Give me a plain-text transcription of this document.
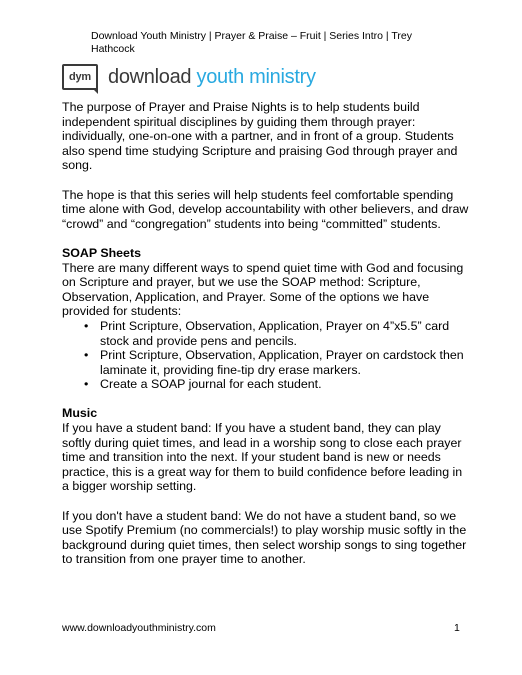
Download Youth Ministry | Prayer & Praise – Fruit | Series Intro | Trey Hathcock
dym download youth ministry

The purpose of Prayer and Praise Nights is to help students build independent spiritual disciplines by guiding them through prayer: individually, one-on-one with a partner, and in front of a group. Students also spend time studying Scripture and praising God through prayer and song.

The hope is that this series will help students feel comfortable spending time alone with God, develop accountability with other believers, and draw “crowd” and “congregation” students into being “committed” students.

SOAP Sheets

There are many different ways to spend quiet time with God and focusing on Scripture and prayer, but we use the SOAP method: Scripture, Observation, Application, and Prayer. Some of the options we have provided for students:

• Print Scripture, Observation, Application, Prayer on 4”x5.5” card stock and provide pens and pencils.
• Print Scripture, Observation, Application, Prayer on cardstock then laminate it, providing fine-tip dry erase markers.
• Create a SOAP journal for each student.

Music

If you have a student band: If you have a student band, they can play softly during quiet times, and lead in a worship song to close each prayer time and transition into the next. If your student band is new or needs practice, this is a great way for them to build confidence before leading in a bigger worship setting.

If you don't have a student band: We do not have a student band, so we use Spotify Premium (no commercials!) to play worship music softly in the background during quiet times, then select worship songs to sing together to transition from one prayer time to another.

www.downloadyouthministry.com	1
